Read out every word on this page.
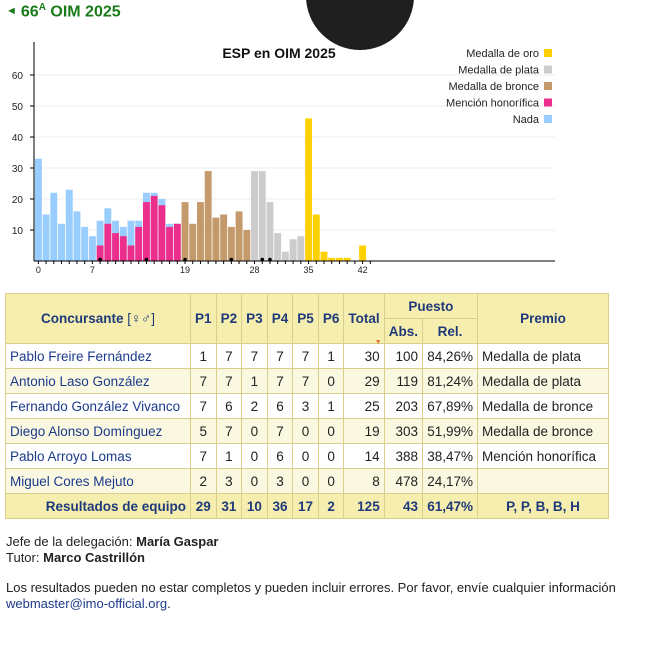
◄ $66^A$ OIM 2025
10
20
30
40
50
60
0	7	19	28	35	42
ESP en OIM 2025	Medalla de oro
Medalla de plata
Medalla de bronce
Mención honorífica
Nada
Concursante [♀♂]	P1	P2	P3	P4	P5	P6	Total
▼	Puesto		Premio
								Abs.	Rel.	
Pablo Freire Fernández	1	7	7	7	7	1	30	100	84,26%	Medalla de plata
Antonio Laso González	7	7	1	7	7	0	29	119	81,24%	Medalla de plata
Fernando González Vivanco	7	6	2	6	3	1	25	203	67,89%	Medalla de bronce
Diego Alonso Domínguez	5	7	0	7	0	0	19	303	51,99%	Medalla de bronce
Pablo Arroyo Lomas	7	1	0	6	0	0	14	388	38,47%	Mención honorífica
Miguel Cores Mejuto	2	3	0	3	0	0	8	478	24,17%	
Resultados de equipo	29	31	10	36	17	2	125	43	61,47%	P, P, B, B, H
Jefe de la delegación: María Gaspar
Tutor: Marco Castrillón
Los resultados pueden no estar completos y pueden incluir errores. Por favor, envíe cualquier información
webmaster@imo-official.org.
